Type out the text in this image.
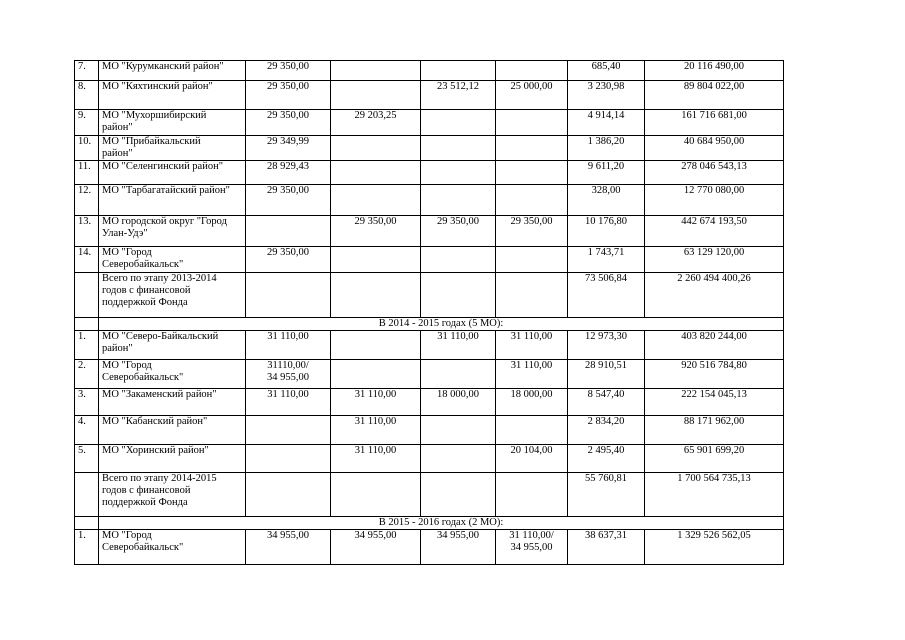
7.	МО "Курумканский район"	29 350,00				685,40	20 116 490,00
8.	МО "Кяхтинский район"	29 350,00		23 512,12	25 000,00	3 230,98	89 804 022,00
9.	МО "Мухоршибирский
район"	29 350,00	29 203,25			4 914,14	161 716 681,00
10.	МО "Прибайкальский
район"	29 349,99				1 386,20	40 684 950,00
11.	МО "Селенгинский район"	28 929,43				9 611,20	278 046 543,13
12.	МО "Тарбагатайский район"	29 350,00				328,00	12 770 080,00
13.	МО городской округ "Город
Улан-Удэ"		29 350,00	29 350,00	29 350,00	10 176,80	442 674 193,50
14.	МО "Город
Северобайкальск"	29 350,00				1 743,71	63 129 120,00
	Всего по этапу 2013-2014
годов с финансовой
поддержкой Фонда					73 506,84	2 260 494 400,26
	В 2014 - 2015 годах (5 МО):						
1.	МО "Северо-Байкальский
район"	31 110,00		31 110,00	31 110,00	12 973,30	403 820 244,00
2.	МО "Город
Северобайкальск"	31110,00/
34 955,00			31 110,00	28 910,51	920 516 784,80
3.	МО "Закаменский район"	31 110,00	31 110,00	18 000,00	18 000,00	8 547,40	222 154 045,13
4.	МО "Кабанский район"		31 110,00			2 834,20	88 171 962,00
5.	МО "Хоринский район"		31 110,00		20 104,00	2 495,40	65 901 699,20
	Всего по этапу 2014-2015
годов с финансовой
поддержкой Фонда					55 760,81	1 700 564 735,13
	В 2015 - 2016 годах (2 МО):						
1.	МО "Город
Северобайкальск"	34 955,00	34 955,00	34 955,00	31 110,00/
34 955,00	38 637,31	1 329 526 562,05
